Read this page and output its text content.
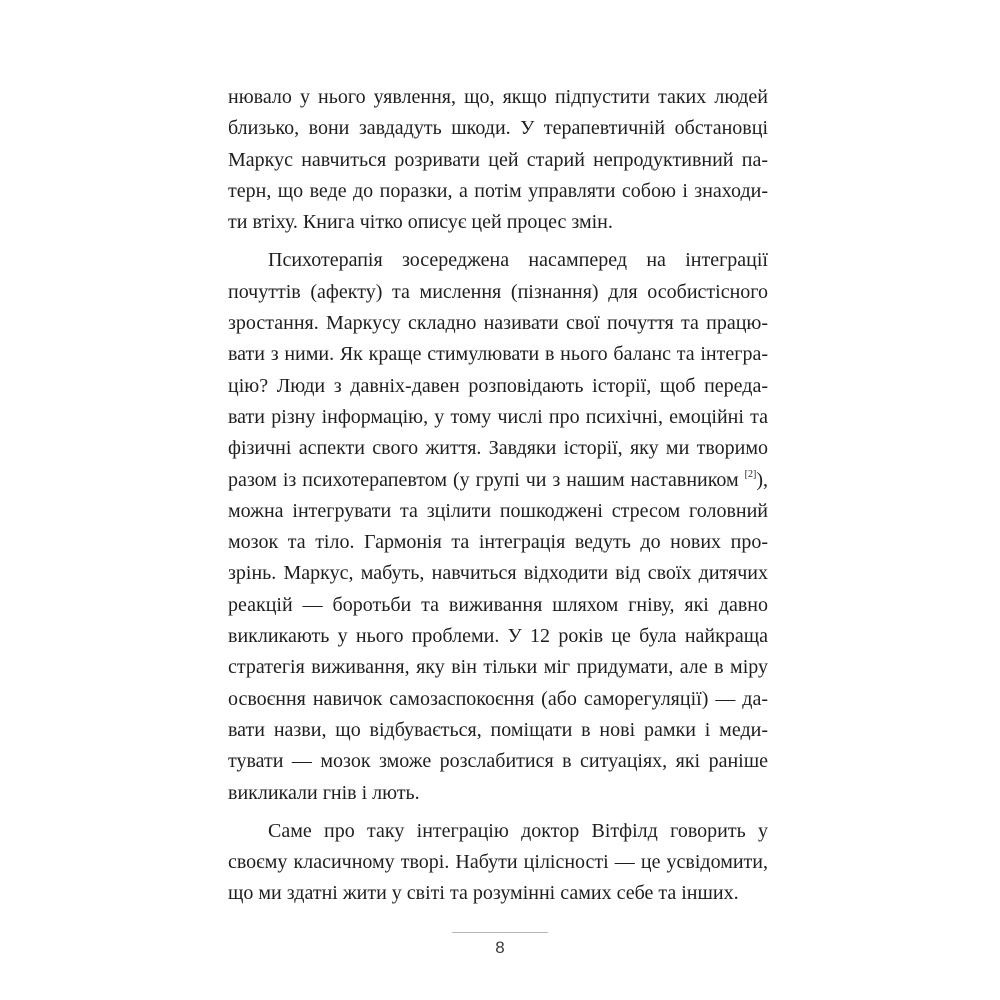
нювало у нього уявлення, що, якщо підпустити таких людей
близько, вони завдадуть шкоди. У терапевтичній обстановці
Маркус навчиться розривати цей старий непродуктивний па-
терн, що веде до поразки, а потім управляти собою і знаходи-
ти втіху. Книга чітко описує цей процес змін.

Психотерапія зосереджена насамперед на інтеграції
почуттів (афекту) та мислення (пізнання) для особистісного
зростання. Маркусу складно називати свої почуття та працю-
вати з ними. Як краще стимулювати в нього баланс та інтегра-
цію? Люди з давніх-давен розповідають історії, щоб переда-
вати різну інформацію, у тому числі про психічні, емоційні та
фізичні аспекти свого життя. Завдяки історії, яку ми творимо
разом із психотерапевтом (у групі чи з нашим наставником [2]),
можна інтегрувати та зцілити пошкоджені стресом головний
мозок та тіло. Гармонія та інтеграція ведуть до нових про-
зрінь. Маркус, мабуть, навчиться відходити від своїх дитячих
реакцій — боротьби та виживання шляхом гніву, які давно
викликають у нього проблеми. У 12 років це була найкраща
стратегія виживання, яку він тільки міг придумати, але в міру
освоєння навичок самозаспокоєння (або саморегуляції) — да-
вати назви, що відбувається, поміщати в нові рамки і меди-
тувати — мозок зможе розслабитися в ситуаціях, які раніше
викликали гнів і лють.

Саме про таку інтеграцію доктор Вітфілд говорить у
своєму класичному творі. Набути цілісності — це усвідомити,
що ми здатні жити у світі та розумінні самих себе та інших.

8
